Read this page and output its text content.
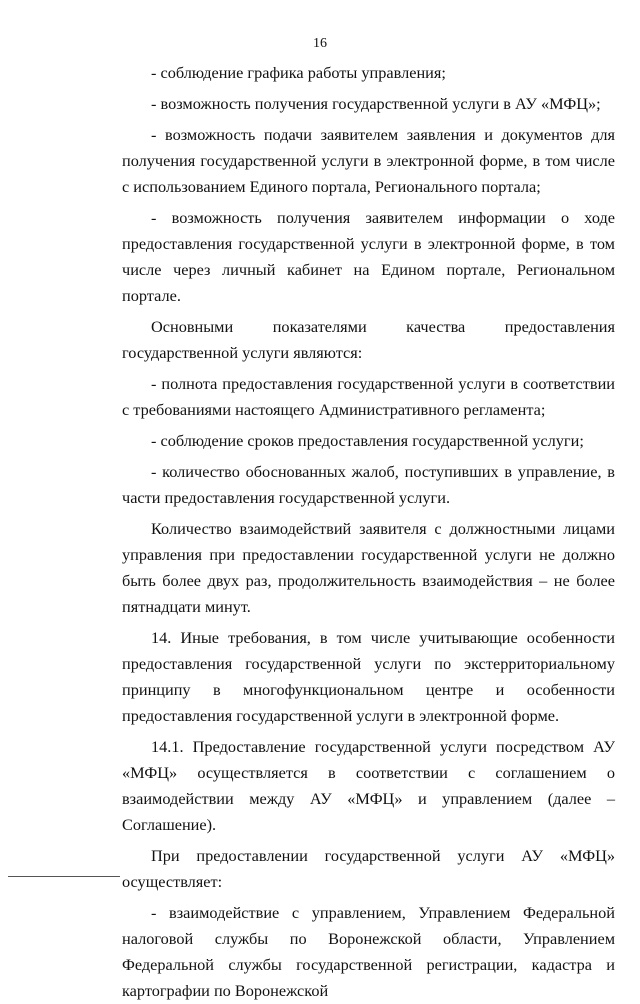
16

- соблюдение графика работы управления;

- возможность получения государственной услуги в АУ «МФЦ»;

- возможность подачи заявителем заявления и документов для получения государственной услуги в электронной форме, в том числе с использованием Единого портала, Регионального портала;

- возможность получения заявителем информации о ходе предоставления государственной услуги в электронной форме, в том числе через личный кабинет на Едином портале, Региональном портале.

Основными показателями качества предоставления государственной услуги являются:

- полнота предоставления государственной услуги в соответствии с требованиями настоящего Административного регламента;

- соблюдение сроков предоставления государственной услуги;

- количество обоснованных жалоб, поступивших в управление, в части предоставления государственной услуги.

Количество взаимодействий заявителя с должностными лицами управления при предоставлении государственной услуги не должно быть более двух раз, продолжительность взаимодействия – не более пятнадцати минут.

14. Иные требования, в том числе учитывающие особенности предоставления государственной услуги по экстерриториальному принципу в многофункциональном центре и особенности предоставления государственной услуги в электронной форме.

14.1. Предоставление государственной услуги посредством АУ «МФЦ» осуществляется в соответствии с соглашением о взаимодействии между АУ «МФЦ» и управлением (далее – Соглашение).

При предоставлении государственной услуги АУ «МФЦ» осуществляет:

- взаимодействие с управлением, Управлением Федеральной налоговой службы по Воронежской области, Управлением Федеральной службы государственной регистрации, кадастра и картографии по Воронежской
